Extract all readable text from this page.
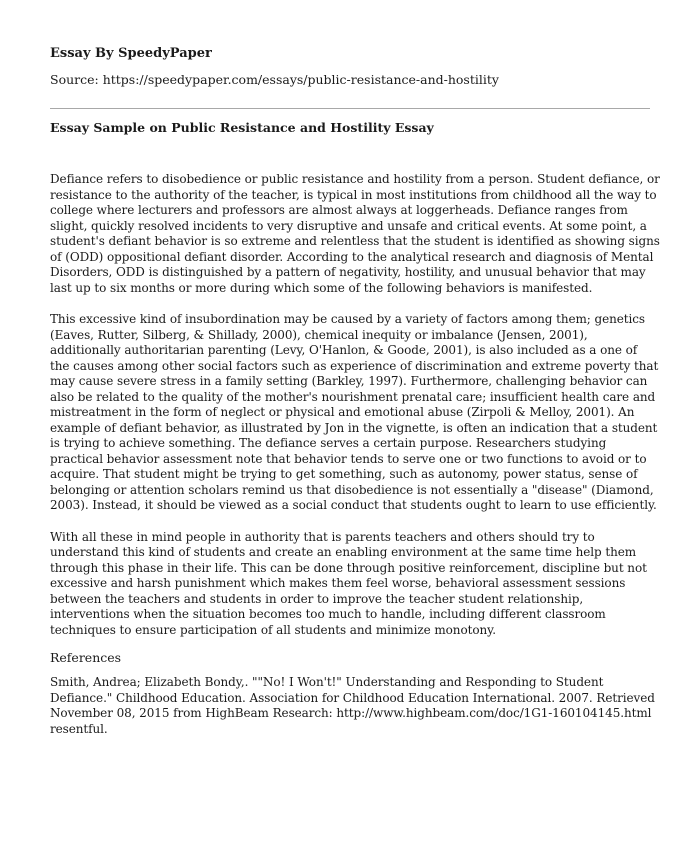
Essay By SpeedyPaper
Source: https://speedypaper.com/essays/public-resistance-and-hostility
Essay Sample on Public Resistance and Hostility Essay

Defiance refers to disobedience or public resistance and hostility from a person. Student defiance, or
resistance to the authority of the teacher, is typical in most institutions from childhood all the way to
college where lecturers and professors are almost always at loggerheads. Defiance ranges from
slight, quickly resolved incidents to very disruptive and unsafe and critical events. At some point, a
student's defiant behavior is so extreme and relentless that the student is identified as showing signs
of (ODD) oppositional defiant disorder. According to the analytical research and diagnosis of Mental
Disorders, ODD is distinguished by a pattern of negativity, hostility, and unusual behavior that may
last up to six months or more during which some of the following behaviors is manifested.

This excessive kind of insubordination may be caused by a variety of factors among them; genetics
(Eaves, Rutter, Silberg, & Shillady, 2000), chemical inequity or imbalance (Jensen, 2001),
additionally authoritarian parenting (Levy, O'Hanlon, & Goode, 2001), is also included as a one of
the causes among other social factors such as experience of discrimination and extreme poverty that
may cause severe stress in a family setting (Barkley, 1997). Furthermore, challenging behavior can
also be related to the quality of the mother's nourishment prenatal care; insufficient health care and
mistreatment in the form of neglect or physical and emotional abuse (Zirpoli & Melloy, 2001). An
example of defiant behavior, as illustrated by Jon in the vignette, is often an indication that a student
is trying to achieve something. The defiance serves a certain purpose. Researchers studying
practical behavior assessment note that behavior tends to serve one or two functions to avoid or to
acquire. That student might be trying to get something, such as autonomy, power status, sense of
belonging or attention scholars remind us that disobedience is not essentially a "disease" (Diamond,
2003). Instead, it should be viewed as a social conduct that students ought to learn to use efficiently.

With all these in mind people in authority that is parents teachers and others should try to
understand this kind of students and create an enabling environment at the same time help them
through this phase in their life. This can be done through positive reinforcement, discipline but not
excessive and harsh punishment which makes them feel worse, behavioral assessment sessions
between the teachers and students in order to improve the teacher student relationship,
interventions when the situation becomes too much to handle, including different classroom
techniques to ensure participation of all students and minimize monotony.

References
Smith, Andrea; Elizabeth Bondy,. ""No! I Won't!" Understanding and Responding to Student
Defiance." Childhood Education. Association for Childhood Education International. 2007. Retrieved
November 08, 2015 from HighBeam Research: http://www.highbeam.com/doc/1G1-160104145.html
resentful.
